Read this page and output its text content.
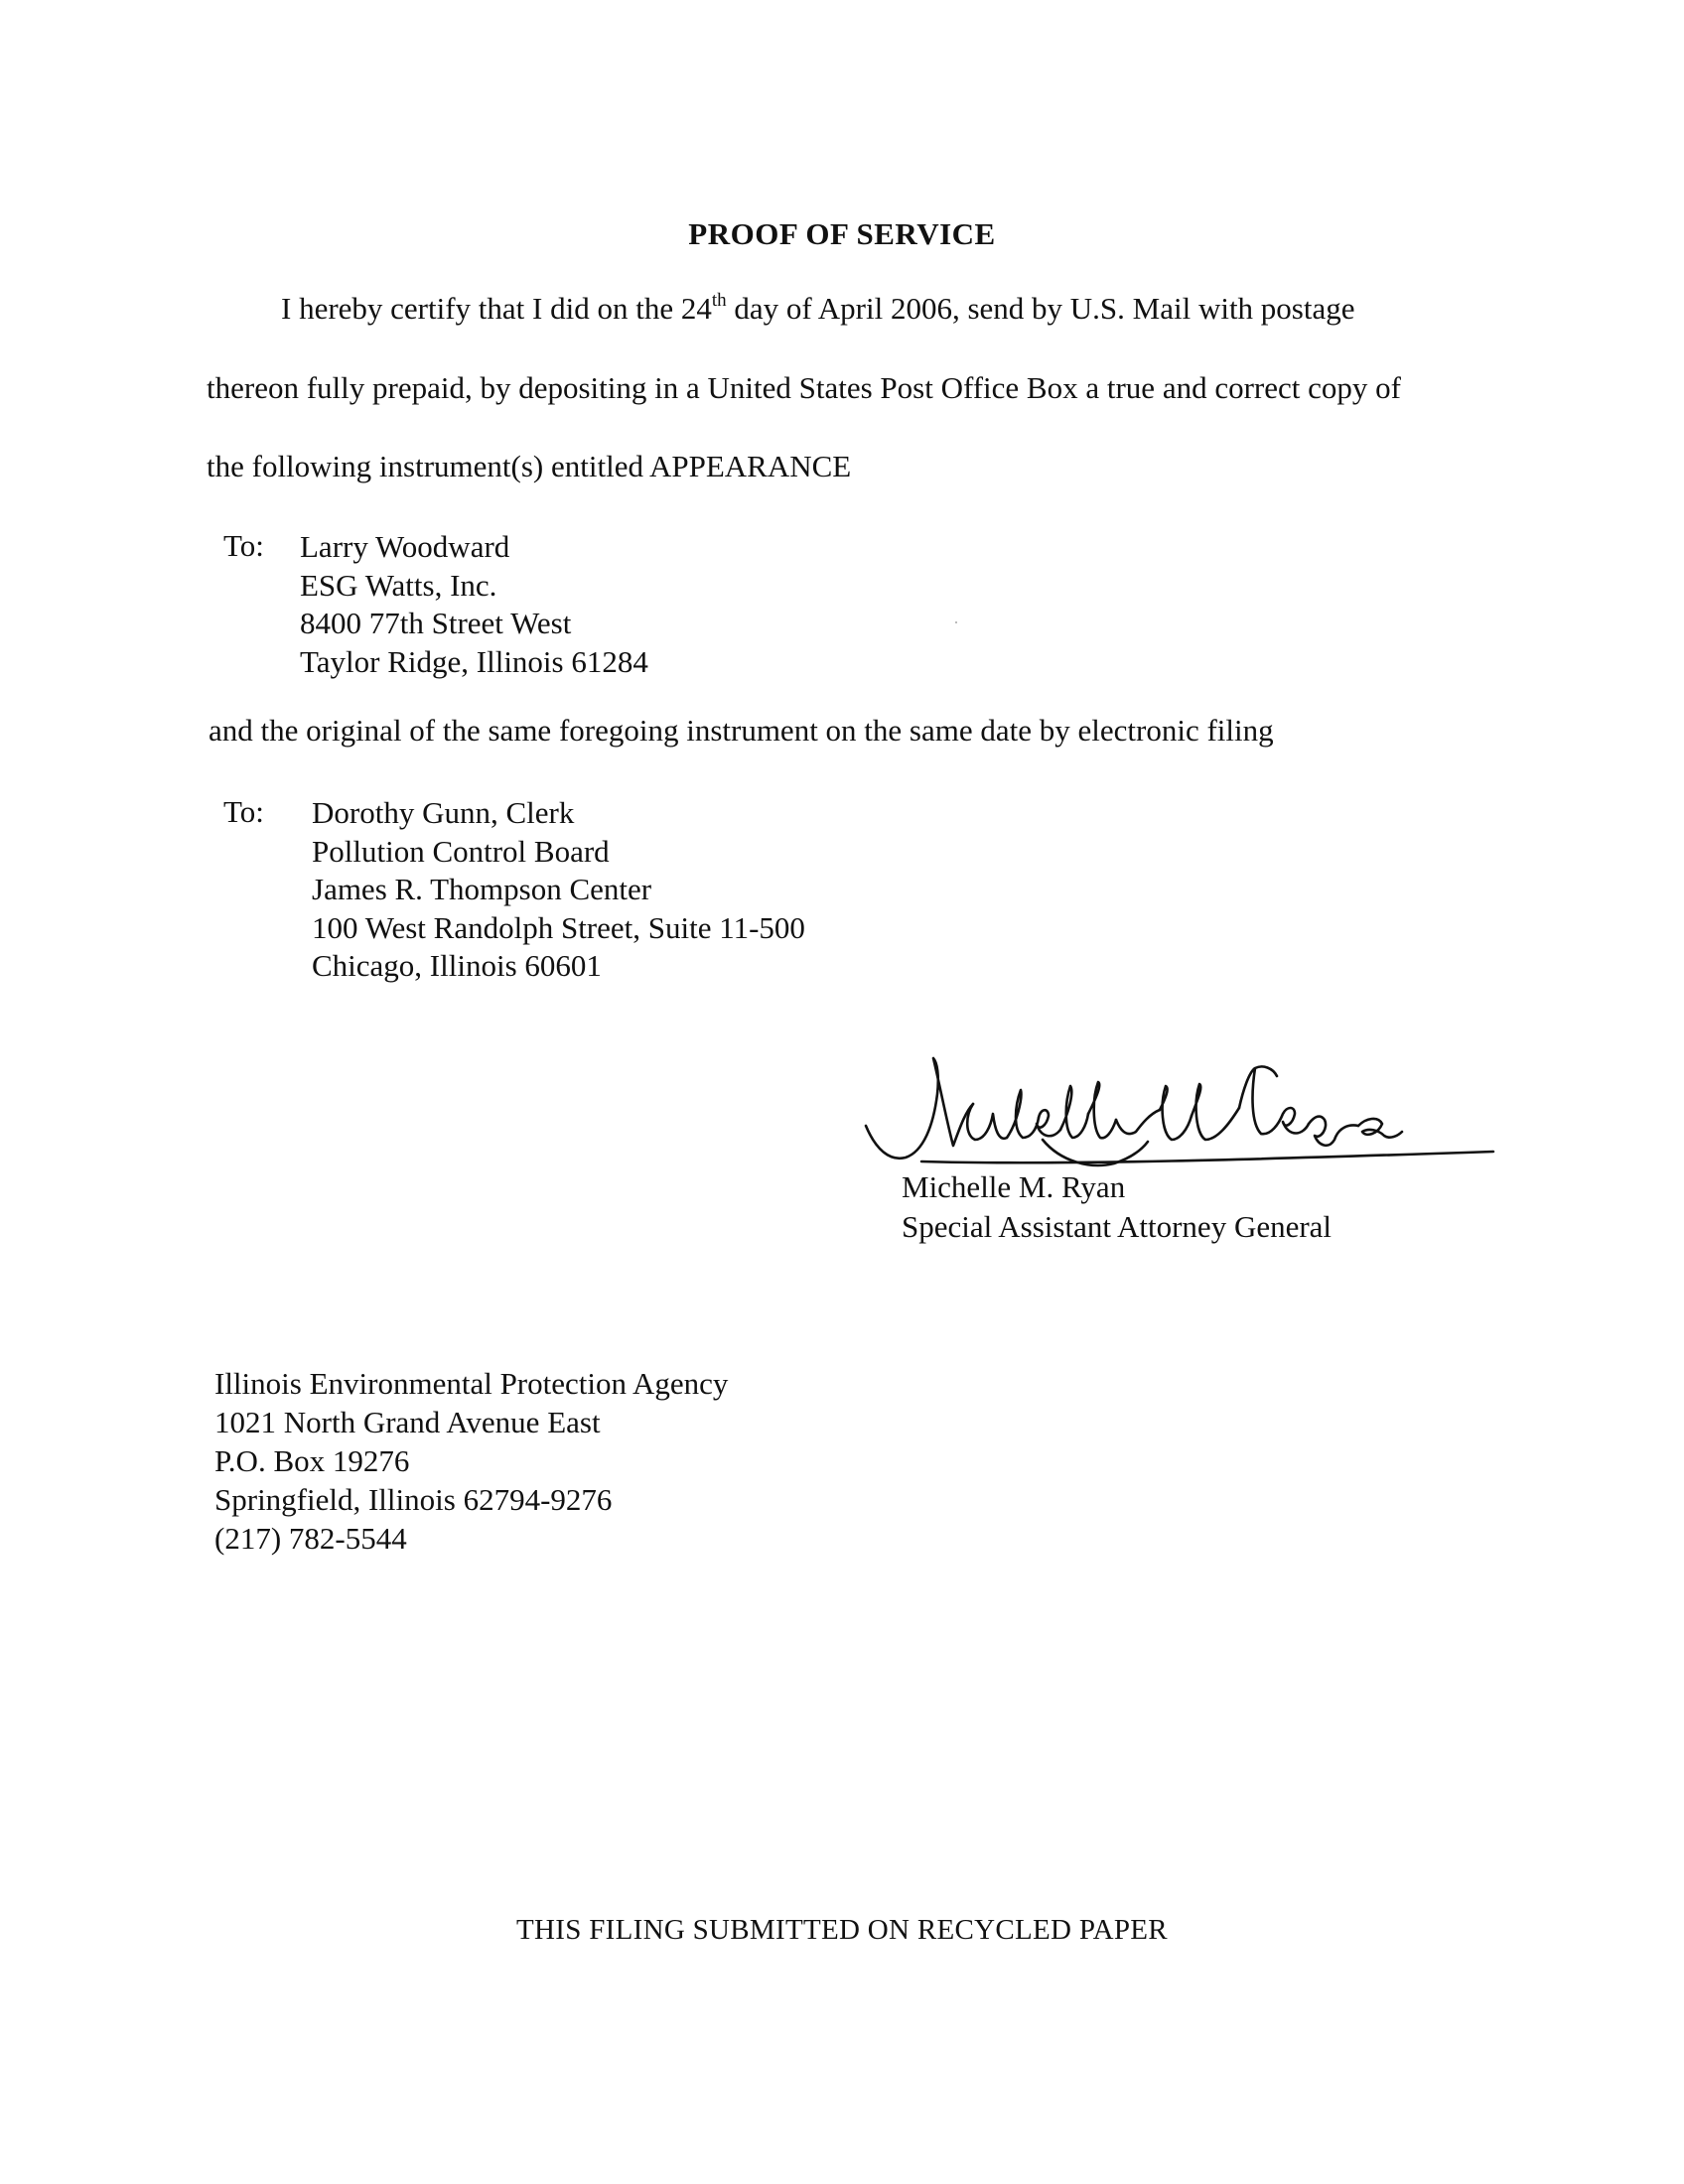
PROOF OF SERVICE
I hereby certify that I did on the 24th day of April 2006, send by U.S. Mail with postage
thereon fully prepaid, by depositing in a United States Post Office Box a true and correct copy of
the following instrument(s) entitled APPEARANCE
To: Larry Woodward
ESG Watts, Inc.
8400 77th Street West
Taylor Ridge, Illinois 61284
and the original of the same foregoing instrument on the same date by electronic filing
To: Dorothy Gunn, Clerk
Pollution Control Board
James R. Thompson Center
100 West Randolph Street, Suite 11-500
Chicago, Illinois 60601
Michelle M. Ryan
Special Assistant Attorney General
Illinois Environmental Protection Agency
1021 North Grand Avenue East
P.O. Box 19276
Springfield, Illinois 62794-9276
(217) 782-5544
THIS FILING SUBMITTED ON RECYCLED PAPER
